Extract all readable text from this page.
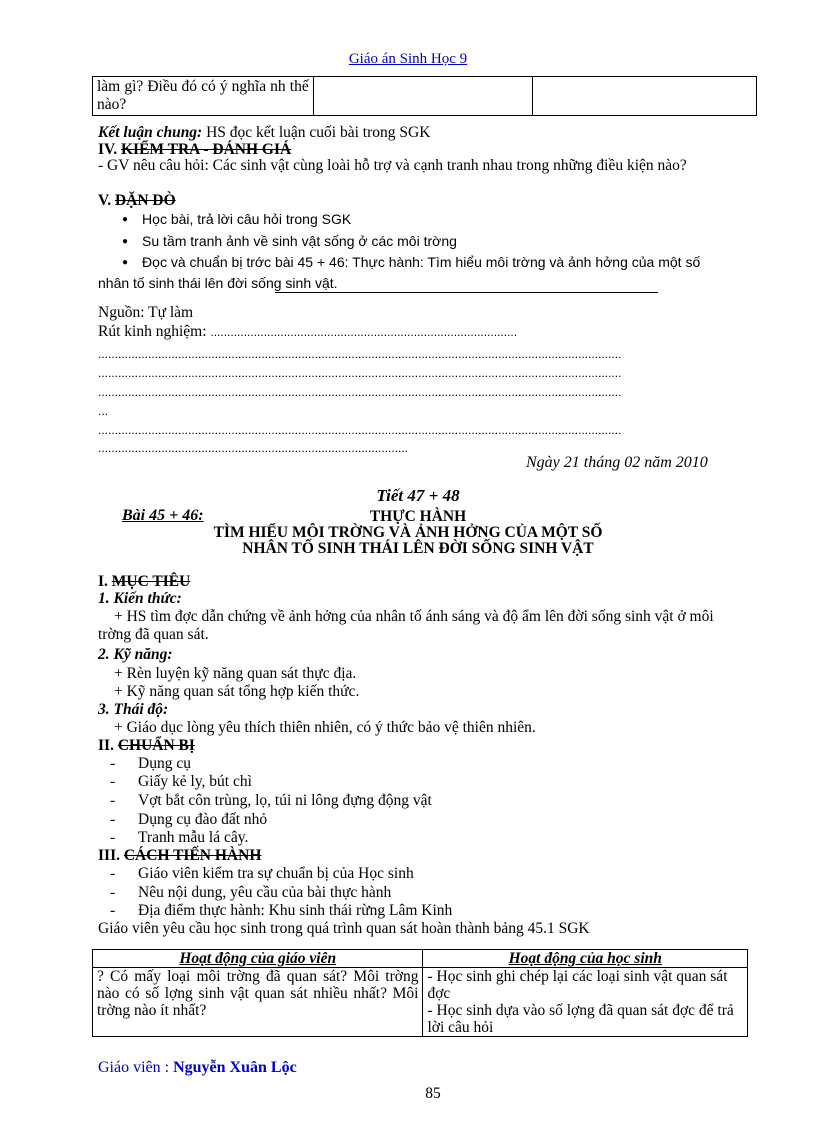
Giáo án Sinh Học 9
làm gì? Điều đó có ý nghĩa nh thế nào?

Kết luận chung: HS đọc kết luận cuối bài trong SGK
IV. KIỂM TRA - ĐÁNH GIÁ
- GV nêu câu hỏi: Các sinh vật cùng loài hỗ trợ và cạnh tranh nhau trong những điều kiện nào?
V. DẶN DÒ
● Học bài, trả lời câu hỏi trong SGK
● Su tầm tranh ảnh về sinh vật sống ở các môi trờng
● Đọc và chuẩn bị trớc bài 45 + 46: Thực hành: Tìm hiểu môi trờng và ảnh hởng của một số nhân tố sinh thái lên đời sống sinh vật.
Nguồn: Tự làm
Rút kinh nghiệm: ............................................................................................
.............................................................................................................................................................
.............................................................................................................................................................
.............................................................................................................................................................
...
.............................................................................................................................................................
.............................................................................................
Ngày 21 tháng 02 năm 2010
Tiết 47 + 48
Bài 45 + 46:	THỰC HÀNH
TÌM HIỂU MÔI TRỜNG VÀ ẢNH HỞNG CỦA MỘT SỐ
NHÂN TỐ SINH THÁI LÊN ĐỜI SỐNG SINH VẬT
I. MỤC TIÊU
1. Kiến thức:
+ HS tìm đợc dẫn chứng về ảnh hởng của nhân tố ánh sáng và độ ẩm lên đời sống sinh vật ở môi trờng đã quan sát.
2. Kỹ năng:
+ Rèn luyện kỹ năng quan sát thực địa.
+ Kỹ năng quan sát tổng hợp kiến thức.
3. Thái độ:
+ Giáo dục lòng yêu thích thiên nhiên, có ý thức bảo vệ thiên nhiên.
II. CHUẨN BỊ
- Dụng cụ
- Giấy kẻ ly, bút chì
- Vợt bắt côn trùng, lọ, túi ni lông đựng động vật
- Dụng cụ đào đất nhỏ
- Tranh mẫu lá cây.
III. CÁCH TIẾN HÀNH
- Giáo viên kiểm tra sự chuẩn bị của Học sinh
- Nêu nội dung, yêu cầu của bài thực hành
- Địa điểm thực hành: Khu sinh thái rừng Lâm Kinh
Giáo viên yêu cầu học sinh trong quá trình quan sát hoàn thành bảng 45.1 SGK
Hoạt động của giáo viên	Hoạt động của học sinh
? Có mấy loại môi trờng đã quan sát? Môi trờng nào có số lợng sinh vật quan sát nhiều nhất? Môi trờng nào ít nhất?	- Học sinh ghi chép lại các loại sinh vật quan sát đợc
- Học sinh dựa vào số lợng đã quan sát đợc để trả lời câu hỏi
Giáo viên : Nguyễn Xuân Lộc
85
